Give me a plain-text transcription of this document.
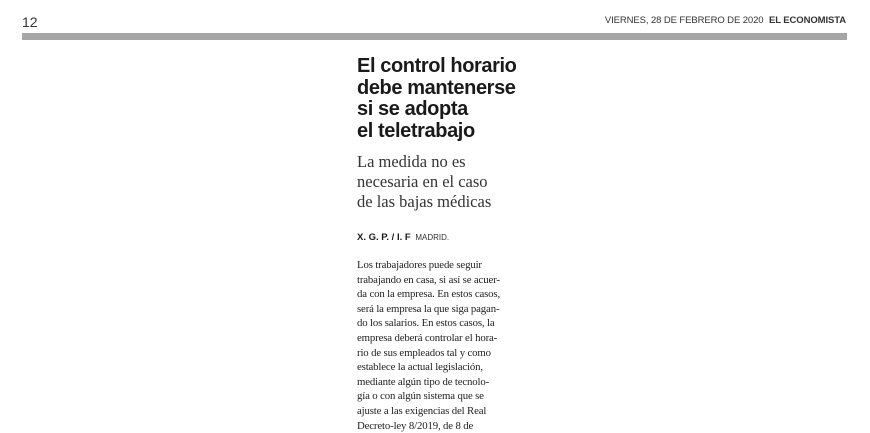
12	VIERNES, 28 DE FEBRERO DE 2020 EL ECONOMISTA
El control horario
debe mantenerse
si se adopta
el teletrabajo
La medida no es
necesaria en el caso
de las bajas médicas
X. G. P. / I. F MADRID.
Los trabajadores puede seguir
trabajando en casa, si así se acuer-
da con la empresa. En estos casos,
será la empresa la que siga pagan-
do los salarios. En estos casos, la
empresa deberá controlar el hora-
rio de sus empleados tal y como
establece la actual legislación,
mediante algún tipo de tecnolo-
gía o con algún sistema que se
ajuste a las exigencias del Real
Decreto-ley 8/2019, de 8 de
